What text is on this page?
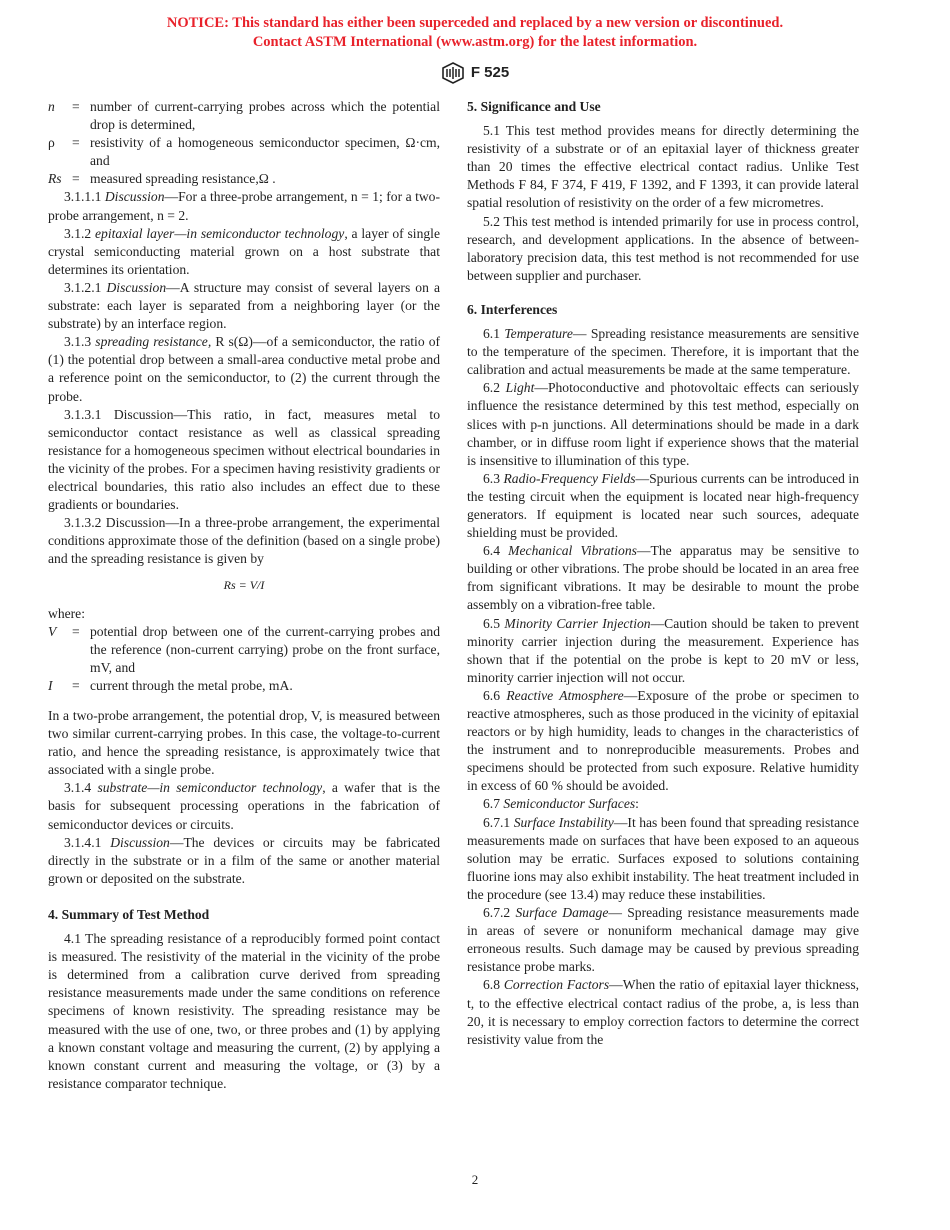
NOTICE: This standard has either been superceded and replaced by a new version or discontinued.
Contact ASTM International (www.astm.org) for the latest information.
F 525
n	= number of current-carrying probes across which the potential drop is determined,
ρ	= resistivity of a homogeneous semiconductor specimen, Ω·cm, and
Rs = measured spreading resistance,Ω .

3.1.1.1 Discussion—For a three-probe arrangement, n = 1; for a two-probe arrangement, n = 2.

3.1.2 epitaxial layer—in semiconductor technology, a layer of single crystal semiconducting material grown on a host substrate that determines its orientation.

3.1.2.1 Discussion—A structure may consist of several layers on a substrate: each layer is separated from a neighboring layer (or the substrate) by an interface region.

3.1.3 spreading resistance, R s(Ω)—of a semiconductor, the ratio of (1) the potential drop between a small-area conductive metal probe and a reference point on the semiconductor, to (2) the current through the probe.

3.1.3.1 Discussion—This ratio, in fact, measures metal to semiconductor contact resistance as well as classical spreading resistance for a homogeneous specimen without electrical boundaries in the vicinity of the probes. For a specimen having resistivity gradients or electrical boundaries, this ratio also includes an effect due to these gradients or boundaries.

3.1.3.2 Discussion—In a three-probe arrangement, the experimental conditions approximate those of the definition (based on a single probe) and the spreading resistance is given by

Rs = V/I
where:
V	= potential drop between one of the current-carrying probes and the reference (non-current carrying) probe on the front surface, mV, and
I	= current through the metal probe, mA.

In a two-probe arrangement, the potential drop, V, is measured between two similar current-carrying probes. In this case, the voltage-to-current ratio, and hence the spreading resistance, is approximately twice that associated with a single probe.

3.1.4 substrate—in semiconductor technology, a wafer that is the basis for subsequent processing operations in the fabrication of semiconductor devices or circuits.

3.1.4.1 Discussion—The devices or circuits may be fabricated directly in the substrate or in a film of the same or another material grown or deposited on the substrate.

4. Summary of Test Method

4.1 The spreading resistance of a reproducibly formed point contact is measured. The resistivity of the material in the vicinity of the probe is determined from a calibration curve derived from spreading resistance measurements made under the same conditions on reference specimens of known resistivity. The spreading resistance may be measured with the use of one, two, or three probes and (1) by applying a known constant voltage and measuring the current, (2) by applying a known constant current and measuring the voltage, or (3) by a resistance comparator technique.

5. Significance and Use

5.1 This test method provides means for directly determining the resistivity of a substrate or of an epitaxial layer of thickness greater than 20 times the effective electrical contact radius. Unlike Test Methods F 84, F 374, F 419, F 1392, and F 1393, it can provide lateral spatial resolution of resistivity on the order of a few micrometres.

5.2 This test method is intended primarily for use in process control, research, and development applications. In the absence of between-laboratory precision data, this test method is not recommended for use between supplier and purchaser.

6. Interferences

6.1 Temperature— Spreading resistance measurements are sensitive to the temperature of the specimen. Therefore, it is important that the calibration and actual measurements be made at the same temperature.

6.2 Light—Photoconductive and photovoltaic effects can seriously influence the resistance determined by this test method, especially on slices with p-n junctions. All determinations should be made in a dark chamber, or in diffuse room light if experience shows that the material is insensitive to illumination of this type.

6.3 Radio-Frequency Fields—Spurious currents can be introduced in the testing circuit when the equipment is located near high-frequency generators. If equipment is located near such sources, adequate shielding must be provided.

6.4 Mechanical Vibrations—The apparatus may be sensitive to building or other vibrations. The probe should be located in an area free from significant vibrations. It may be desirable to mount the probe assembly on a vibration-free table.

6.5 Minority Carrier Injection—Caution should be taken to prevent minority carrier injection during the measurement. Experience has shown that if the potential on the probe is kept to 20 mV or less, minority carrier injection will not occur.

6.6 Reactive Atmosphere—Exposure of the probe or specimen to reactive atmospheres, such as those produced in the vicinity of epitaxial reactors or by high humidity, leads to changes in the characteristics of the instrument and to nonreproducible measurements. Probes and specimens should be protected from such exposure. Relative humidity in excess of 60 % should be avoided.

6.7 Semiconductor Surfaces:

6.7.1 Surface Instability—It has been found that spreading resistance measurements made on surfaces that have been exposed to an aqueous solution may be erratic. Surfaces exposed to solutions containing fluorine ions may also exhibit instability. The heat treatment included in the procedure (see 13.4) may reduce these instabilities.

6.7.2 Surface Damage— Spreading resistance measurements made in areas of severe or nonuniform mechanical damage may give erroneous results. Such damage may be caused by previous spreading resistance probe marks.

6.8 Correction Factors—When the ratio of epitaxial layer thickness, t, to the effective electrical contact radius of the probe, a, is less than 20, it is necessary to employ correction factors to determine the correct resistivity value from the

2
